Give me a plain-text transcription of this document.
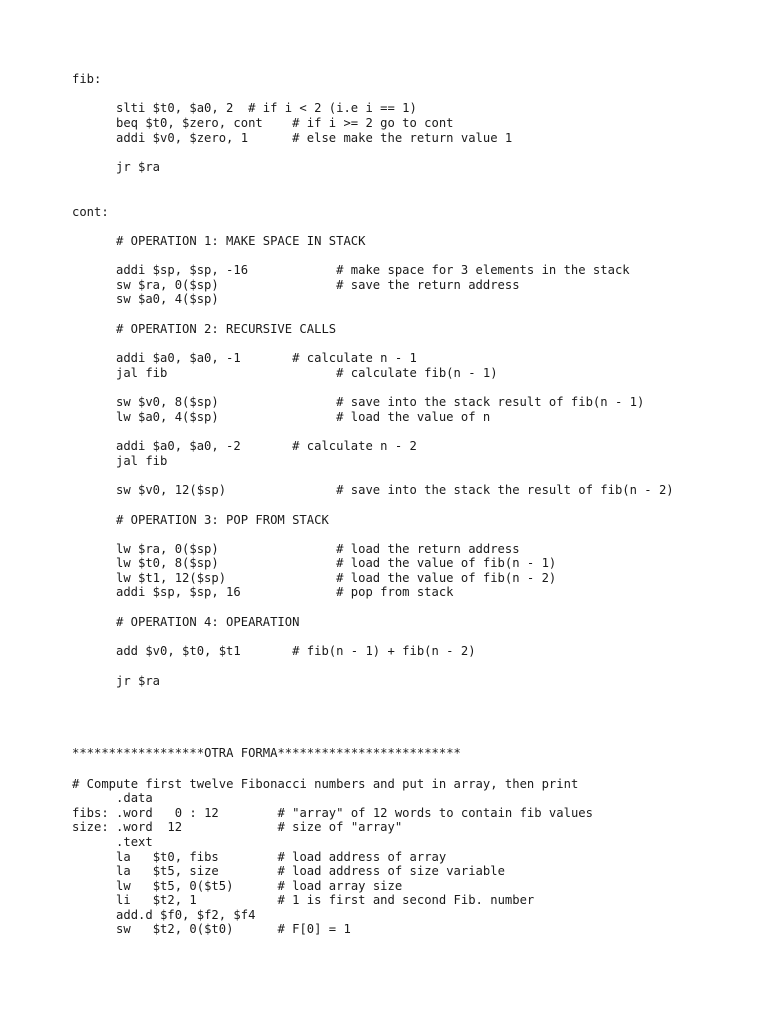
fib:
slti $t0, $a0, 2  # if i < 2 (i.e i == 1)
beq $t0, $zero, cont    # if i >= 2 go to cont
addi $v0, $zero, 1      # else make the return value 1
jr $ra
cont:
# OPERATION 1: MAKE SPACE IN STACK
addi $sp, $sp, -16            # make space for 3 elements in the stack
sw $ra, 0($sp)                # save the return address
sw $a0, 4($sp)
# OPERATION 2: RECURSIVE CALLS
addi $a0, $a0, -1       # calculate n - 1
jal fib                       # calculate fib(n - 1)
sw $v0, 8($sp)                # save into the stack result of fib(n - 1)
lw $a0, 4($sp)                # load the value of n
addi $a0, $a0, -2       # calculate n - 2
jal fib
sw $v0, 12($sp)               # save into the stack the result of fib(n - 2)
# OPERATION 3: POP FROM STACK
lw $ra, 0($sp)                # load the return address
lw $t0, 8($sp)                # load the value of fib(n - 1)
lw $t1, 12($sp)               # load the value of fib(n - 2)
addi $sp, $sp, 16             # pop from stack
# OPERATION 4: OPEARATION
add $v0, $t0, $t1       # fib(n - 1) + fib(n - 2)
jr $ra
******************OTRA FORMA*************************
# Compute first twelve Fibonacci numbers and put in array, then print
.data
fibs: .word   0 : 12        # "array" of 12 words to contain fib values
size: .word  12             # size of "array"
.text
la   $t0, fibs        # load address of array
la   $t5, size        # load address of size variable
lw   $t5, 0($t5)      # load array size
li   $t2, 1           # 1 is first and second Fib. number
add.d $f0, $f2, $f4
sw   $t2, 0($t0)      # F[0] = 1
